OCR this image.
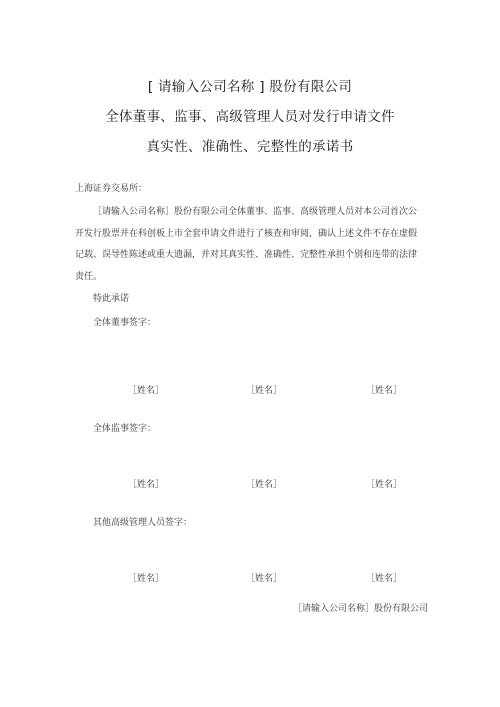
[ 请输入公司名称 ] 股份有限公司
全体董事、监事、高级管理人员对发行申请文件
真实性、准确性、完整性的承诺书
上海证券交易所：

［请输入公司名称］股份有限公司全体董事、监事、高级管理人员对本公司首次公
开发行股票并在科创板上市全套申请文件进行了核查和审阅，确认上述文件不存在虚假
记载、误导性陈述或重大遗漏，并对其真实性、准确性、完整性承担个别和连带的法律
责任。

特此承诺
全体董事签字：
［姓名］	［姓名］	［姓名］
全体监事签字：
［姓名］	［姓名］	［姓名］
其他高级管理人员签字：
［姓名］	［姓名］	［姓名］
［请输入公司名称］股份有限公司
